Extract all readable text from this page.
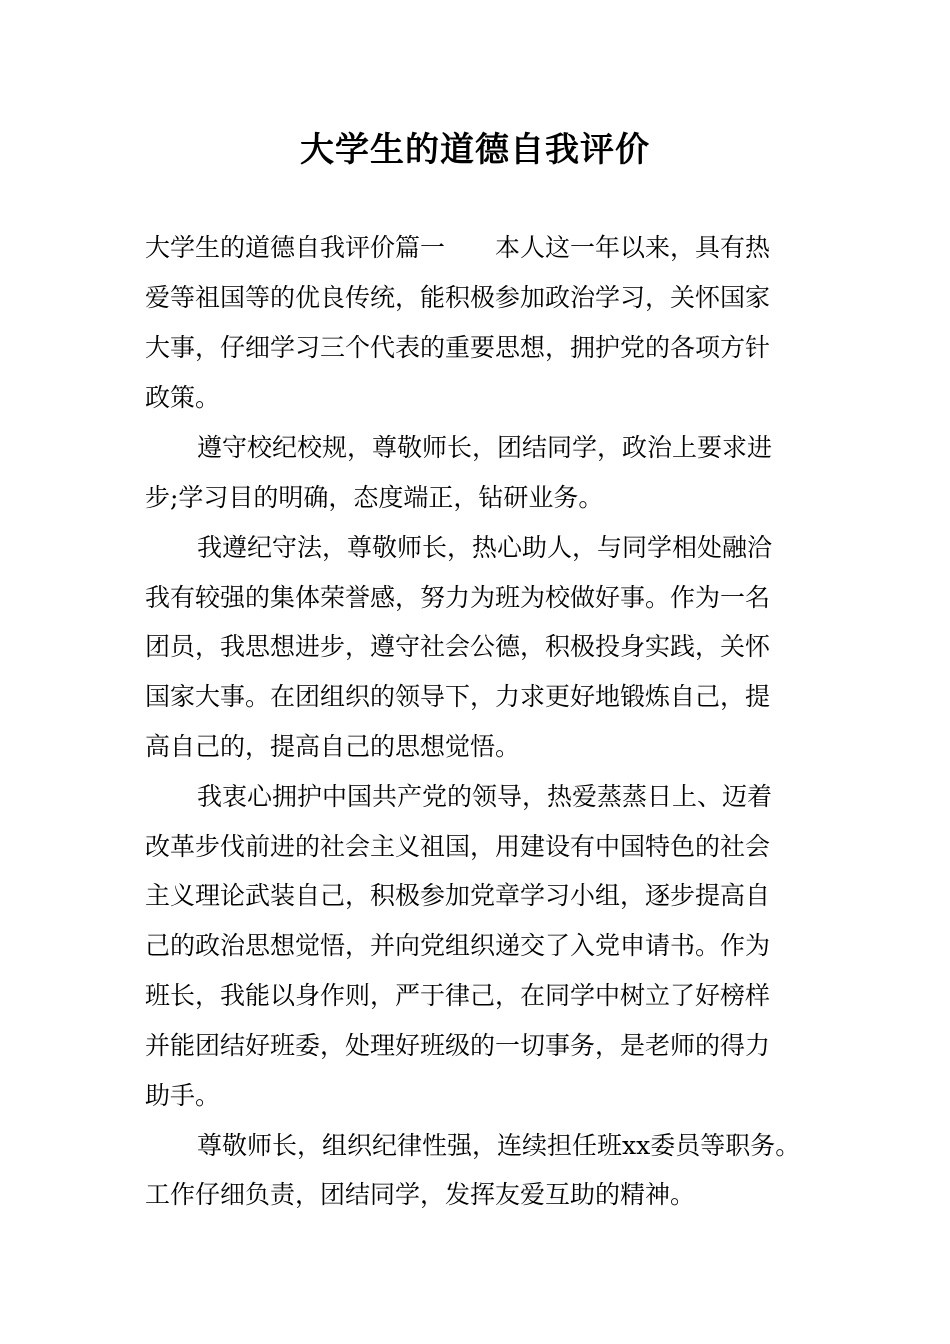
大学生的道德自我评价
大学生的道德自我评价篇一　　本人这一年以来，具有热
爱等祖国等的优良传统，能积极参加政治学习，关怀国家
大事，仔细学习三个代表的重要思想，拥护党的各项方针
政策。
遵守校纪校规，尊敬师长，团结同学，政治上要求进
步;学习目的明确，态度端正，钻研业务。
我遵纪守法，尊敬师长，热心助人，与同学相处融洽
我有较强的集体荣誉感，努力为班为校做好事。作为一名
团员，我思想进步，遵守社会公德，积极投身实践，关怀
国家大事。在团组织的领导下，力求更好地锻炼自己，提
高自己的，提高自己的思想觉悟。
我衷心拥护中国共产党的领导，热爱蒸蒸日上、迈着
改革步伐前进的社会主义祖国，用建设有中国特色的社会
主义理论武装自己，积极参加党章学习小组，逐步提高自
己的政治思想觉悟，并向党组织递交了入党申请书。作为
班长，我能以身作则，严于律己，在同学中树立了好榜样
并能团结好班委，处理好班级的一切事务，是老师的得力
助手。
尊敬师长，组织纪律性强，连续担任班xx委员等职务。
工作仔细负责，团结同学，发挥友爱互助的精神。
